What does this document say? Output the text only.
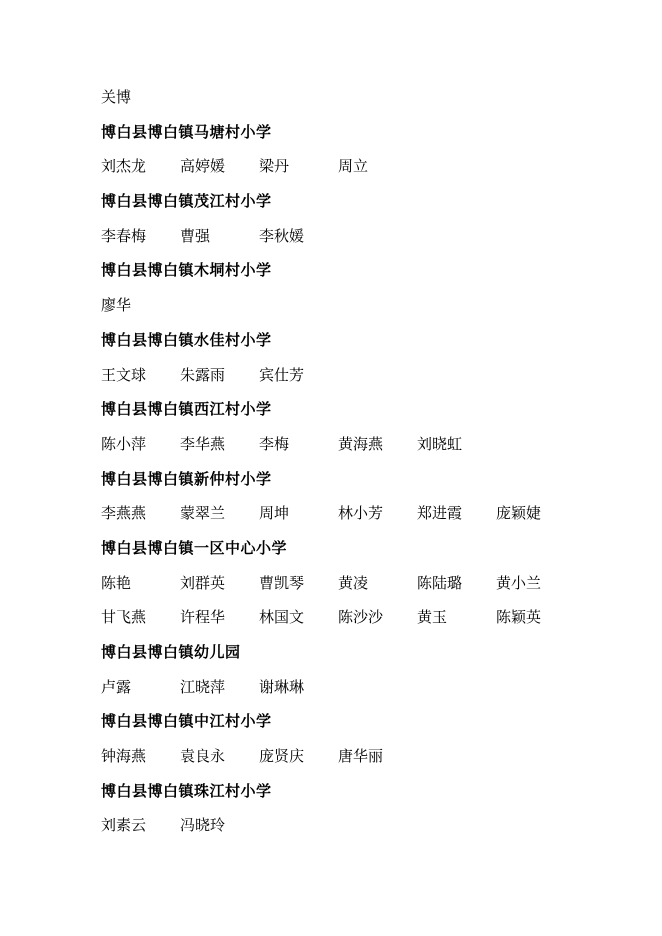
关博
博白县博白镇马塘村小学
刘杰龙	高婷媛	梁丹	周立
博白县博白镇茂江村小学
李春梅	曹强	李秋媛
博白县博白镇木垌村小学
廖华
博白县博白镇水佳村小学
王文球	朱露雨	宾仕芳
博白县博白镇西江村小学
陈小萍	李华燕	李梅	黄海燕	刘晓虹
博白县博白镇新仲村小学
李燕燕	蒙翠兰	周坤	林小芳	郑进霞	庞颖婕
博白县博白镇一区中心小学
陈艳	刘群英	曹凯琴	黄凌	陈陆璐	黄小兰
甘飞燕	许程华	林国文	陈沙沙	黄玉	陈颖英
博白县博白镇幼儿园
卢露	江晓萍	谢琳琳
博白县博白镇中江村小学
钟海燕	袁良永	庞贤庆	唐华丽
博白县博白镇珠江村小学
刘素云	冯晓玲
